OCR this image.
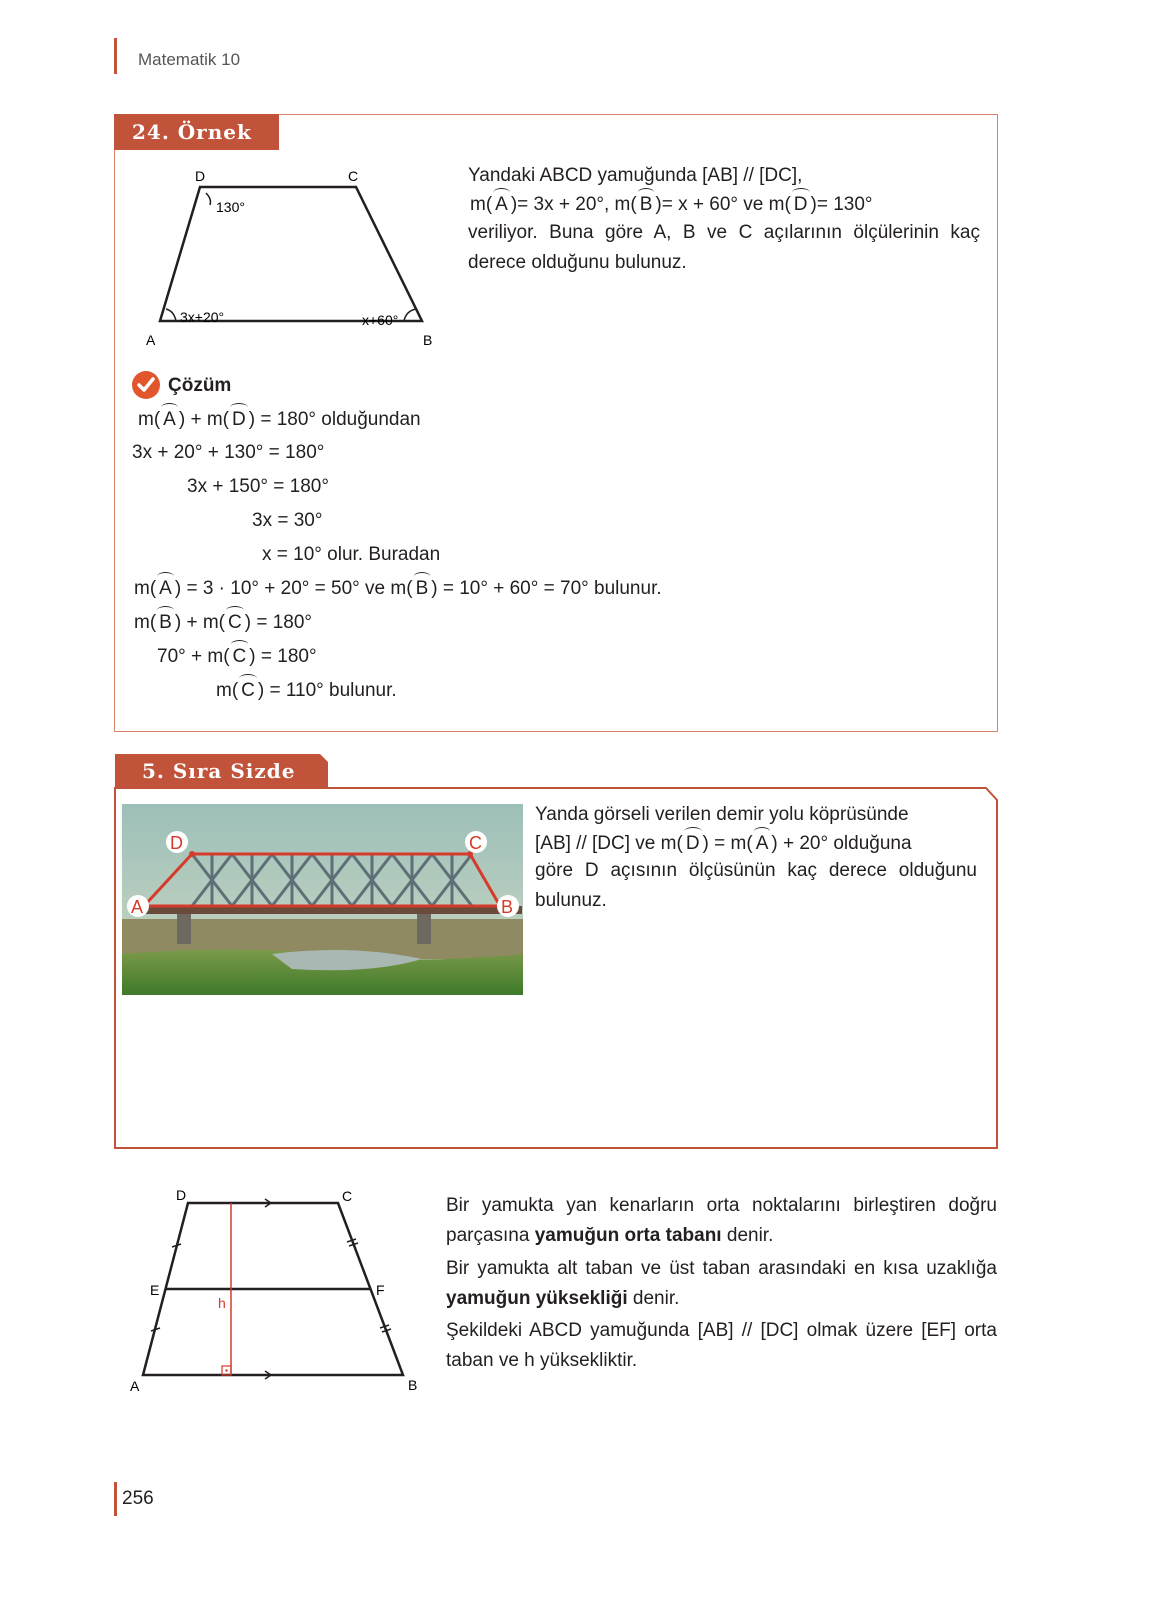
Matematik 10
24. Örnek
D	C
A	B
130°
3x+20°	x+60°
Yandaki ABCD yamuğunda [AB] // [DC],
m( A )= 3x + 20°, m( B )= x + 60° ve m( D )= 130°
veriliyor. Buna göre A, B ve C açılarının ölçülerinin kaç derece olduğunu bulunuz.
Çözüm
m( A ) + m( D ) = 180° olduğundan
3x + 20° + 130° = 180°
3x + 150° = 180°
3x = 30°
x = 10° olur. Buradan
m( A ) = 3 · 10° + 20° = 50° ve m( B ) = 10° + 60° = 70° bulunur.
m( B ) + m( C ) = 180°
70° + m( C ) = 180°
m( C ) = 110° bulunur.
5. Sıra Sizde
D	C
A	B
Yanda görseli verilen demir yolu köprüsünde
[AB] // [DC] ve m( D ) = m( A ) + 20° olduğuna
göre D açısının ölçüsünün kaç derece olduğunu bulunuz.
D	C
E	F
A	B
h
Bir yamukta yan kenarların orta noktalarını birleştiren doğru parçasına yamuğun orta tabanı denir.
Bir yamukta alt taban ve üst taban arasındaki en kısa uzaklığa yamuğun yüksekliği denir.
Şekildeki ABCD yamuğunda [AB] // [DC] olmak üzere [EF] orta taban ve h yüksekliktir.
256
